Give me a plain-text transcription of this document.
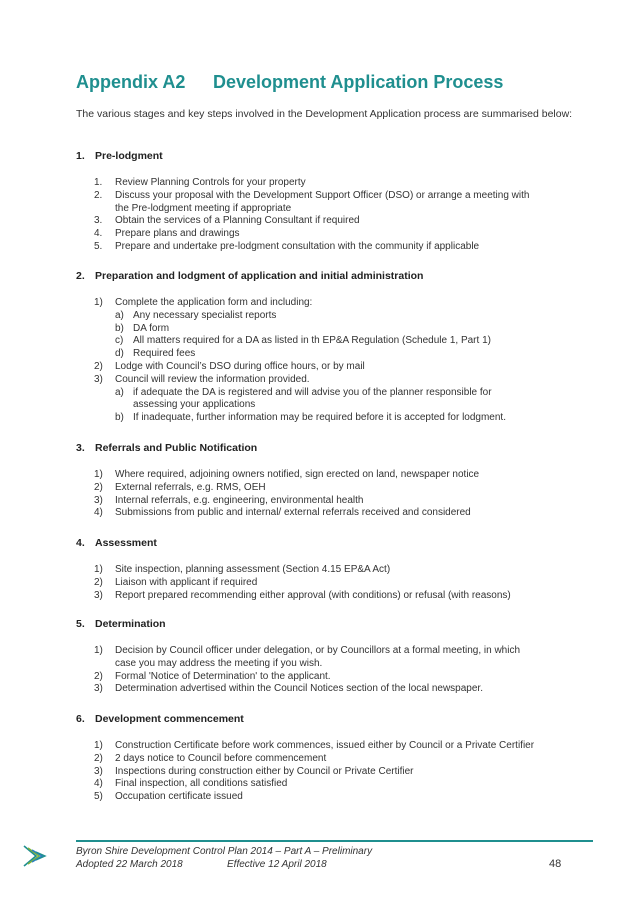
Appendix A2 Development Application Process

The various stages and key steps involved in the Development Application process are summarised below:

1. Pre-lodgment
1. Review Planning Controls for your property
2. Discuss your proposal with the Development Support Officer (DSO) or arrange a meeting with
the Pre-lodgment meeting if appropriate
3. Obtain the services of a Planning Consultant if required
4. Prepare plans and drawings
5. Prepare and undertake pre-lodgment consultation with the community if applicable
2. Preparation and lodgment of application and initial administration
1) Complete the application form and including:
a) Any necessary specialist reports
b) DA form
c) All matters required for a DA as listed in th EP&A Regulation (Schedule 1, Part 1)
d) Required fees
2) Lodge with Council’s DSO during office hours, or by mail
3) Council will review the information provided.
a) if adequate the DA is registered and will advise you of the planner responsible for
assessing your applications
b) If inadequate, further information may be required before it is accepted for lodgment.
3. Referrals and Public Notification
1) Where required, adjoining owners notified, sign erected on land, newspaper notice
2) External referrals, e.g. RMS, OEH
3) Internal referrals, e.g. engineering, environmental health
4) Submissions from public and internal/ external referrals received and considered
4. Assessment
1) Site inspection, planning assessment (Section 4.15 EP&A Act)
2) Liaison with applicant if required
3) Report prepared recommending either approval (with conditions) or refusal (with reasons)
5. Determination
1) Decision by Council officer under delegation, or by Councillors at a formal meeting, in which
case you may address the meeting if you wish.
2) Formal 'Notice of Determination' to the applicant.
3) Determination advertised within the Council Notices section of the local newspaper.
6. Development commencement
1) Construction Certificate before work commences, issued either by Council or a Private Certifier
2) 2 days notice to Council before commencement
3) Inspections during construction either by Council or Private Certifier
4) Final inspection, all conditions satisfied
5) Occupation certificate issued
Byron Shire Development Control Plan 2014 – Part A – Preliminary
Adopted 22 March 2018	Effective 12 April 2018	48
